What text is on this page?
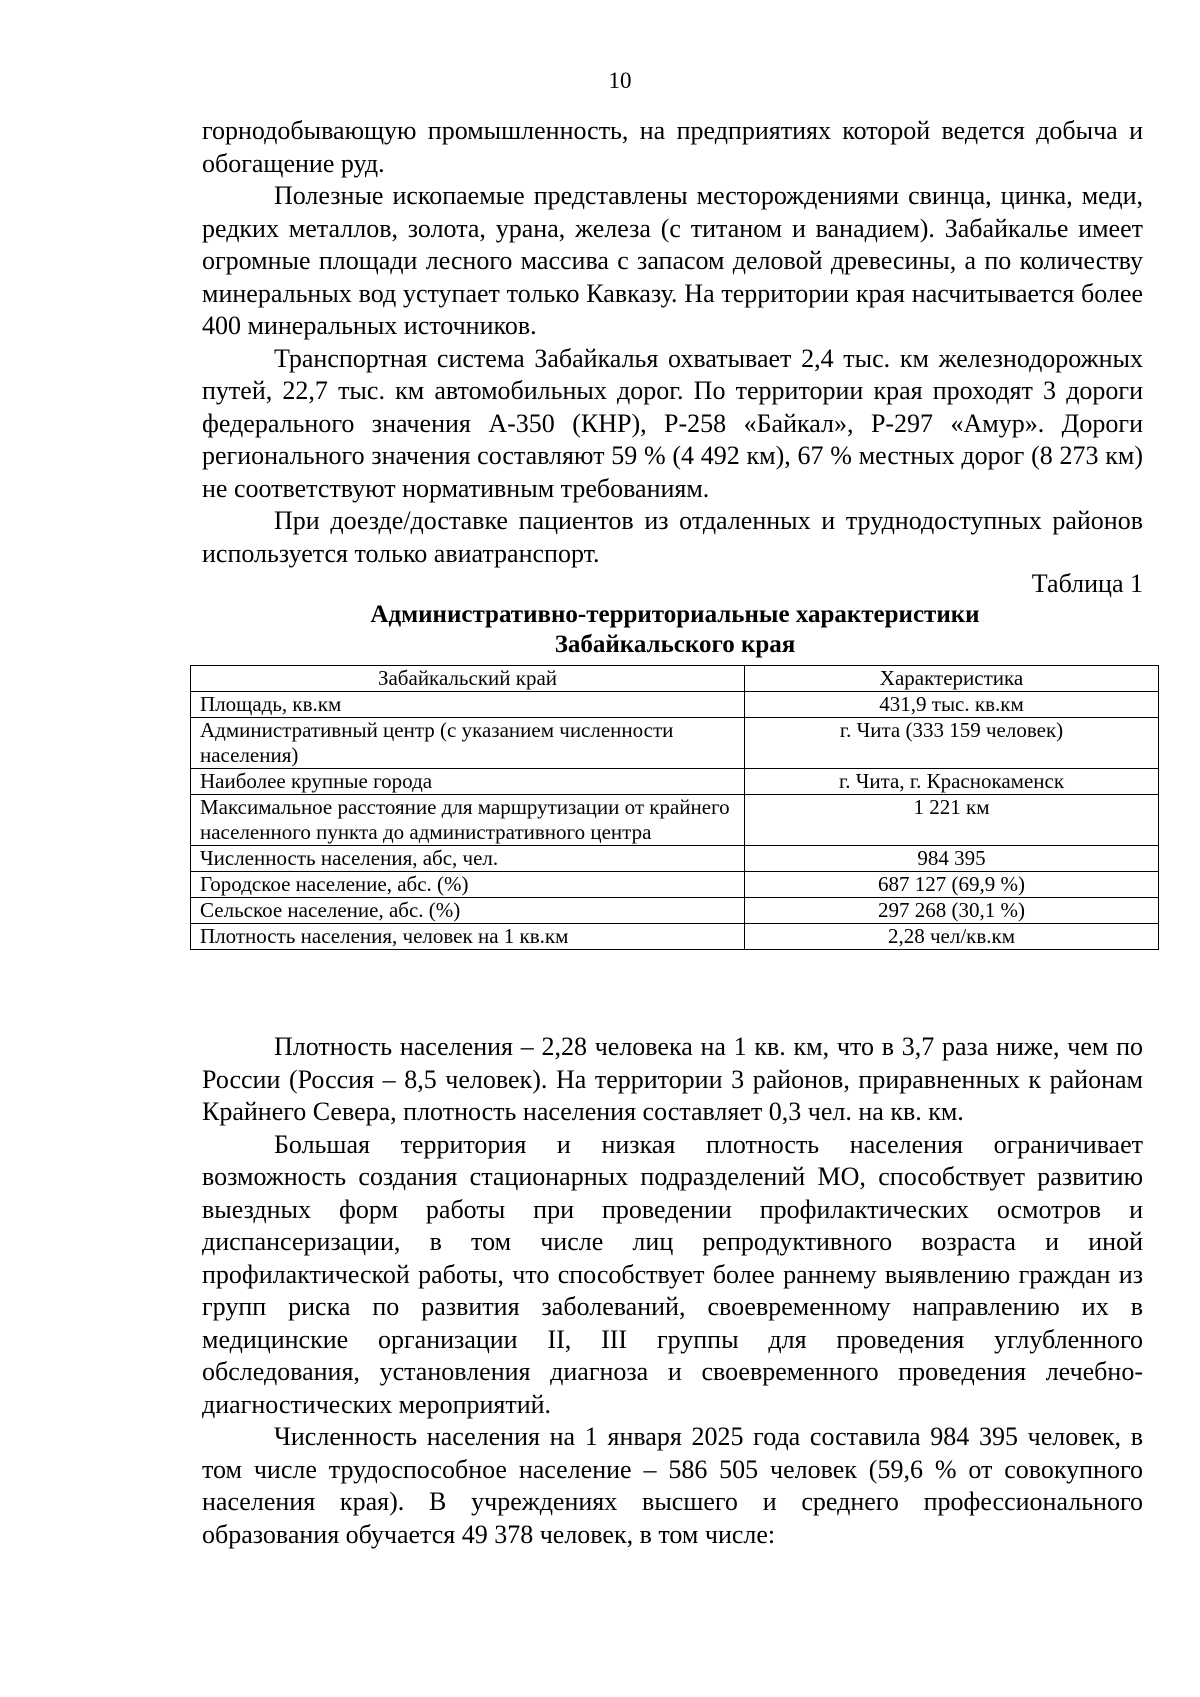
10

горнодобывающую промышленность, на предприятиях которой ведется добыча и обогащение руд.

Полезные ископаемые представлены месторождениями свинца, цинка, меди, редких металлов, золота, урана, железа (с титаном и ванадием). Забайкалье имеет огромные площади лесного массива с запасом деловой древесины, а по количеству минеральных вод уступает только Кавказу. На территории края насчитывается более 400 минеральных источников.

Транспортная система Забайкалья охватывает 2,4 тыс. км железнодорожных путей, 22,7 тыс. км автомобильных дорог. По территории края проходят 3 дороги федерального значения А-350 (КНР), Р-258 «Байкал», Р-297 «Амур». Дороги регионального значения составляют 59 % (4 492 км), 67 % местных дорог (8 273 км) не соответствуют нормативным требованиям.

При доезде/доставке пациентов из отдаленных и труднодоступных районов используется только авиатранспорт.

Таблица 1
Административно-территориальные характеристики
Забайкальского края
Забайкальский край	Характеристика
Площадь, кв.км	431,9 тыс. кв.км
Административный центр (с указанием численности населения)	г. Чита (333 159 человек)
Наиболее крупные города	г. Чита, г. Краснокаменск
Максимальное расстояние для маршрутизации от крайнего населенного пункта до административного центра	1 221 км
Численность населения, абс, чел.	984 395
Городское население, абс. (%)	687 127 (69,9 %)
Сельское население, абс. (%)	297 268 (30,1 %)
Плотность населения, человек на 1 кв.км	2,28 чел/кв.км

Плотность населения – 2,28 человека на 1 кв. км, что в 3,7 раза ниже, чем по России (Россия – 8,5 человек). На территории 3 районов, приравненных к районам Крайнего Севера, плотность населения составляет 0,3 чел. на кв. км.

Большая территория и низкая плотность населения ограничивает возможность создания стационарных подразделений МО, способствует развитию выездных форм работы при проведении профилактических осмотров и диспансеризации, в том числе лиц репродуктивного возраста и иной профилактической работы, что способствует более раннему выявлению граждан из групп риска по развития заболеваний, своевременному направлению их в медицинские организации II, III группы для проведения углубленного обследования, установления диагноза и своевременного проведения лечебно-диагностических мероприятий.

Численность населения на 1 января 2025 года составила 984 395 человек, в том числе трудоспособное население – 586 505 человек (59,6 % от совокупного населения края). В учреждениях высшего и среднего профессионального образования обучается 49 378 человек, в том числе:
